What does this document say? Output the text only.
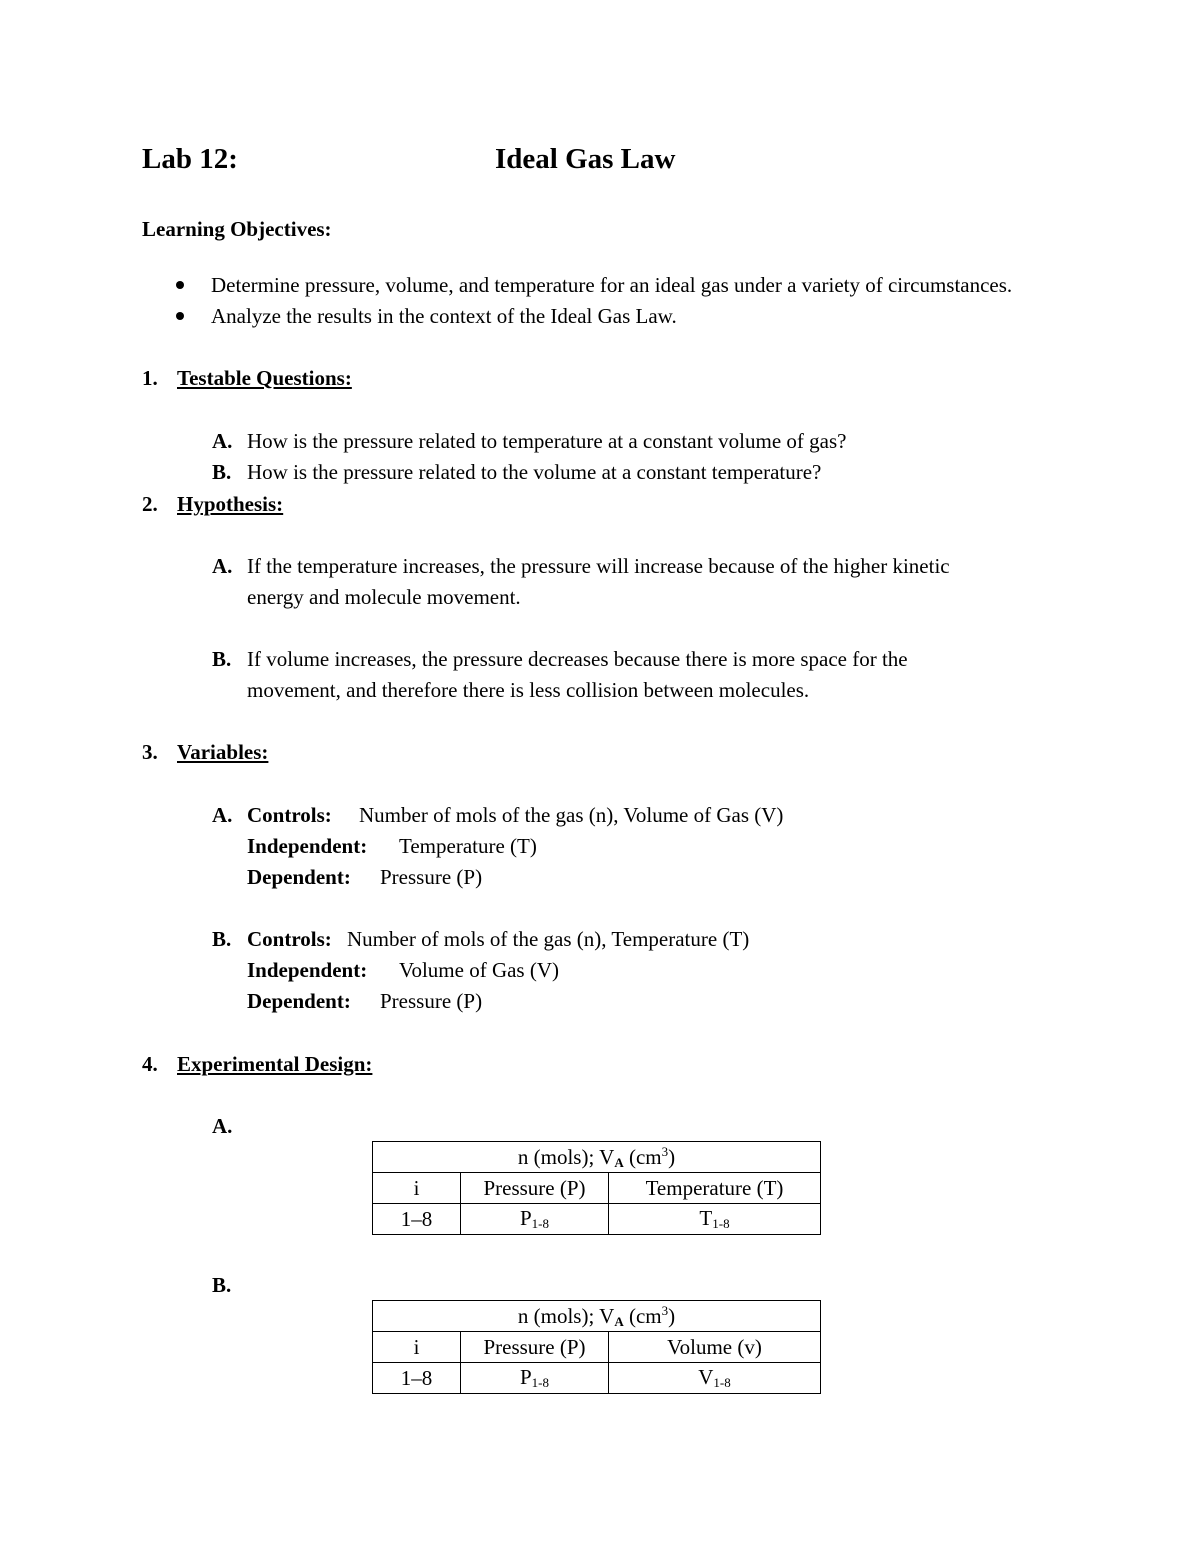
Lab 12:	Ideal Gas Law
Learning Objectives:
Determine pressure, volume, and temperature for an ideal gas under a variety of circumstances.
Analyze the results in the context of the Ideal Gas Law.
1. Testable Questions:
A. How is the pressure related to temperature at a constant volume of gas?
B. How is the pressure related to the volume at a constant temperature?
2. Hypothesis:
A. If the temperature increases, the pressure will increase because of the higher kinetic
energy and molecule movement.
B. If volume increases, the pressure decreases because there is more space for the
movement, and therefore there is less collision between molecules.
3. Variables:
A. Controls: Number of mols of the gas (n), Volume of Gas (V)
Independent: Temperature (T)
Dependent: Pressure (P)
B. Controls: Number of mols of the gas (n), Temperature (T)
Independent: Volume of Gas (V)
Dependent: Pressure (P)
4. Experimental Design:
A.
n (mols); $V_A$ $(cm^3)$		
i	Pressure (P)	Temperature (T)
1–8	$P_{1-8}$	$T_{1-8}$
B.
n (mols); $V_A$ $(cm^3)$		
i	Pressure (P)	Volume (v)
1–8	$P_{1-8}$	$V_{1-8}$
